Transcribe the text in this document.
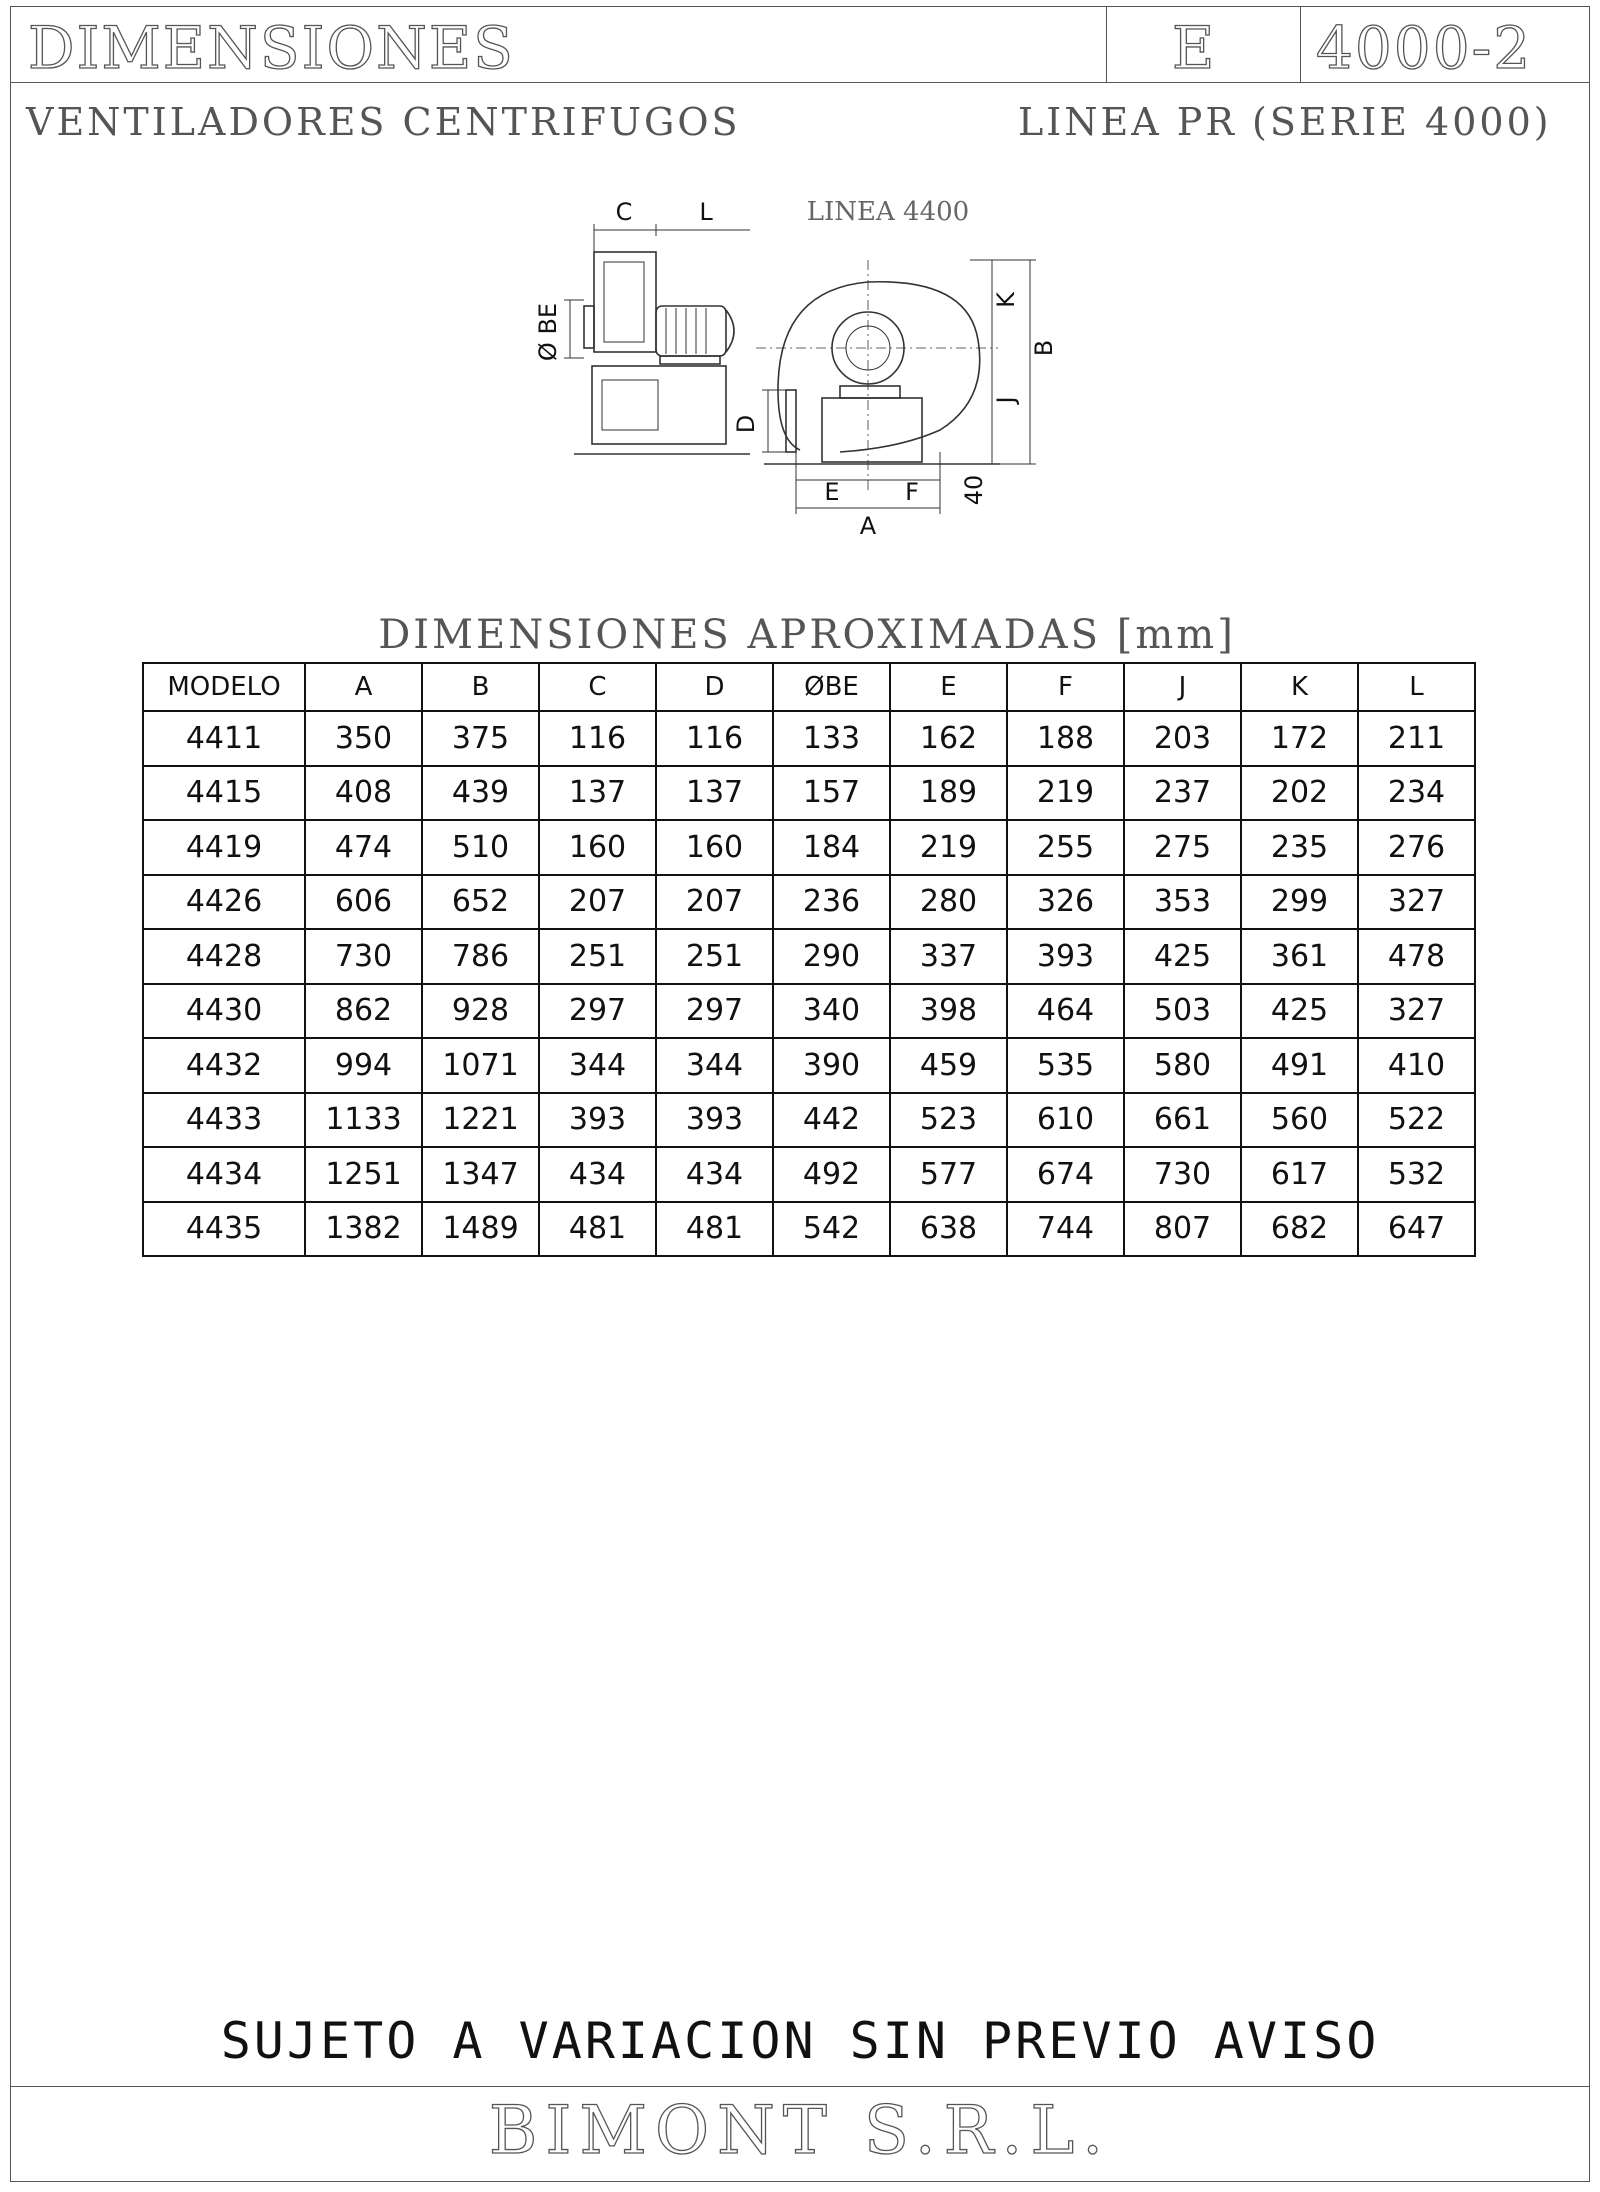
DIMENSIONES	E 4000-2
VENTILADORES CENTRIFUGOS	LINEA PR (SERIE 4000)
C	L
Ø BE
LINEA 4400
K
B
J
D
E	F
A
40
DIMENSIONES APROXIMADAS [mm]
MODELO	A	B	C	D	ØBE	E	F	J	K	L
4411	350	375	116	116	133	162	188	203	172	211
4415	408	439	137	137	157	189	219	237	202	234
4419	474	510	160	160	184	219	255	275	235	276
4426	606	652	207	207	236	280	326	353	299	327
4428	730	786	251	251	290	337	393	425	361	478
4430	862	928	297	297	340	398	464	503	425	327
4432	994	1071	344	344	390	459	535	580	491	410
4433	1133	1221	393	393	442	523	610	661	560	522
4434	1251	1347	434	434	492	577	674	730	617	532
4435	1382	1489	481	481	542	638	744	807	682	647
SUJETO A VARIACION SIN PREVIO AVISO
BIMONT S.R.L.
